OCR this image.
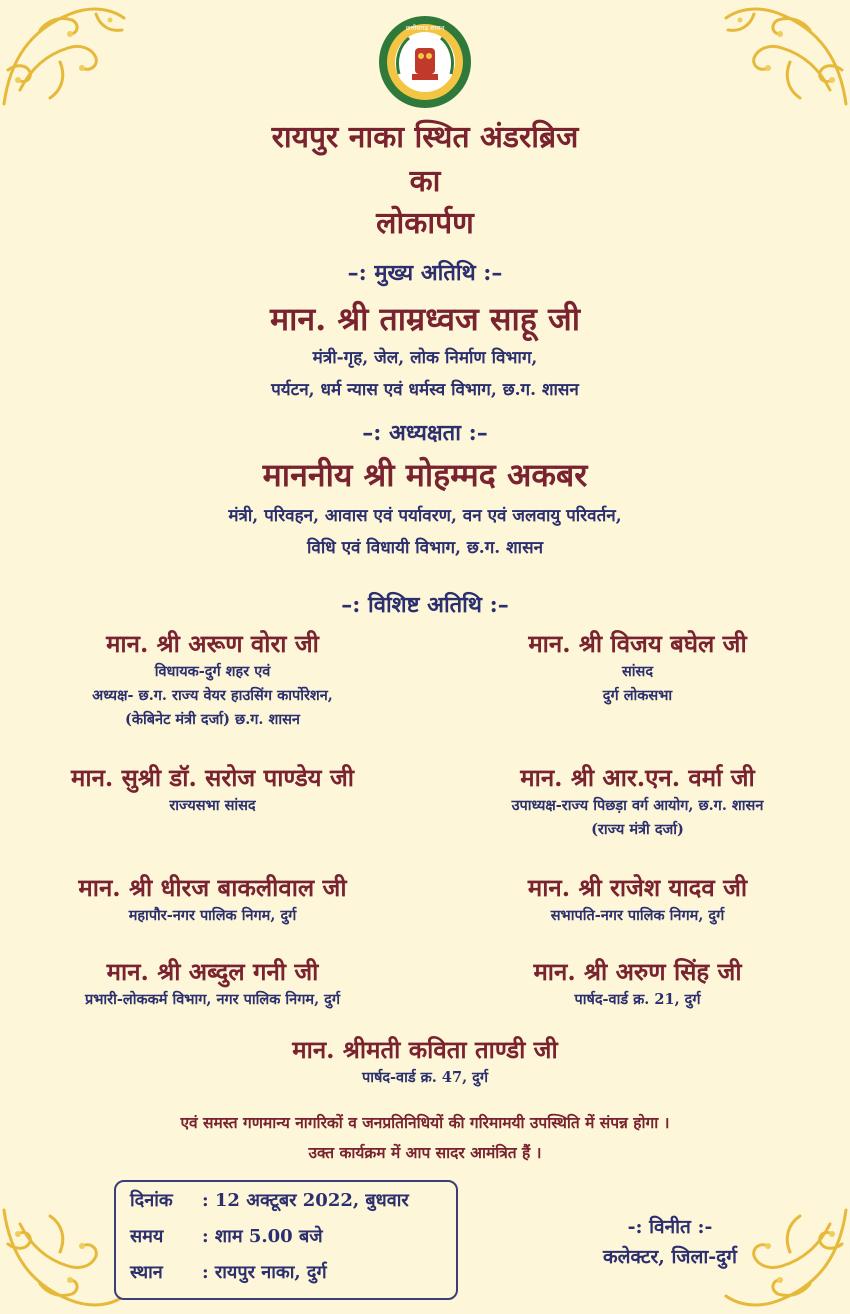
छत्तीसगढ़ शासन
रायपुर नाका स्थित अंडरब्रिज
का
लोकार्पण
–: मुख्य अतिथि :–
मान. श्री ताम्रध्वज साहू जी
मंत्री-गृह, जेल, लोक निर्माण विभाग,
पर्यटन, धर्म न्यास एवं धर्मस्व विभाग, छ.ग. शासन
–: अध्यक्षता :–
माननीय श्री मोहम्मद अकबर
मंत्री, परिवहन, आवास एवं पर्यावरण, वन एवं जलवायु परिवर्तन,
विधि एवं विधायी विभाग, छ.ग. शासन
–: विशिष्ट अतिथि :–
मान. श्री अरूण वोरा जी
विधायक-दुर्ग शहर एवं
अध्यक्ष- छ.ग. राज्य वेयर हाउसिंग कार्पोरेशन,
(केबिनेट मंत्री दर्जा) छ.ग. शासन
मान. श्री विजय बघेल जी
सांसद
दुर्ग लोकसभा
मान. सुश्री डॉ. सरोज पाण्डेय जी
राज्यसभा सांसद
मान. श्री आर.एन. वर्मा जी
उपाध्यक्ष-राज्य पिछड़ा वर्ग आयोग, छ.ग. शासन
(राज्य मंत्री दर्जा)
मान. श्री धीरज बाकलीवाल जी
महापौर-नगर पालिक निगम, दुर्ग
मान. श्री राजेश यादव जी
सभापति-नगर पालिक निगम, दुर्ग
मान. श्री अब्दुल गनी जी
प्रभारी-लोककर्म विभाग, नगर पालिक निगम, दुर्ग
मान. श्री अरुण सिंह जी
पार्षद-वार्ड क्र. 21, दुर्ग
मान. श्रीमती कविता ताण्डी जी
पार्षद-वार्ड क्र. 47, दुर्ग
एवं समस्त गणमान्य नागरिकों व जनप्रतिनिधियों की गरिमामयी उपस्थिति में संपन्न होगा ।
उक्त कार्यक्रम में आप सादर आमंत्रित हैं ।
दिनांक : 12 अक्टूबर 2022, बुधवार
समय : शाम 5.00 बजे
स्थान : रायपुर नाका, दुर्ग
-: विनीत :-
कलेक्टर, जिला-दुर्ग
